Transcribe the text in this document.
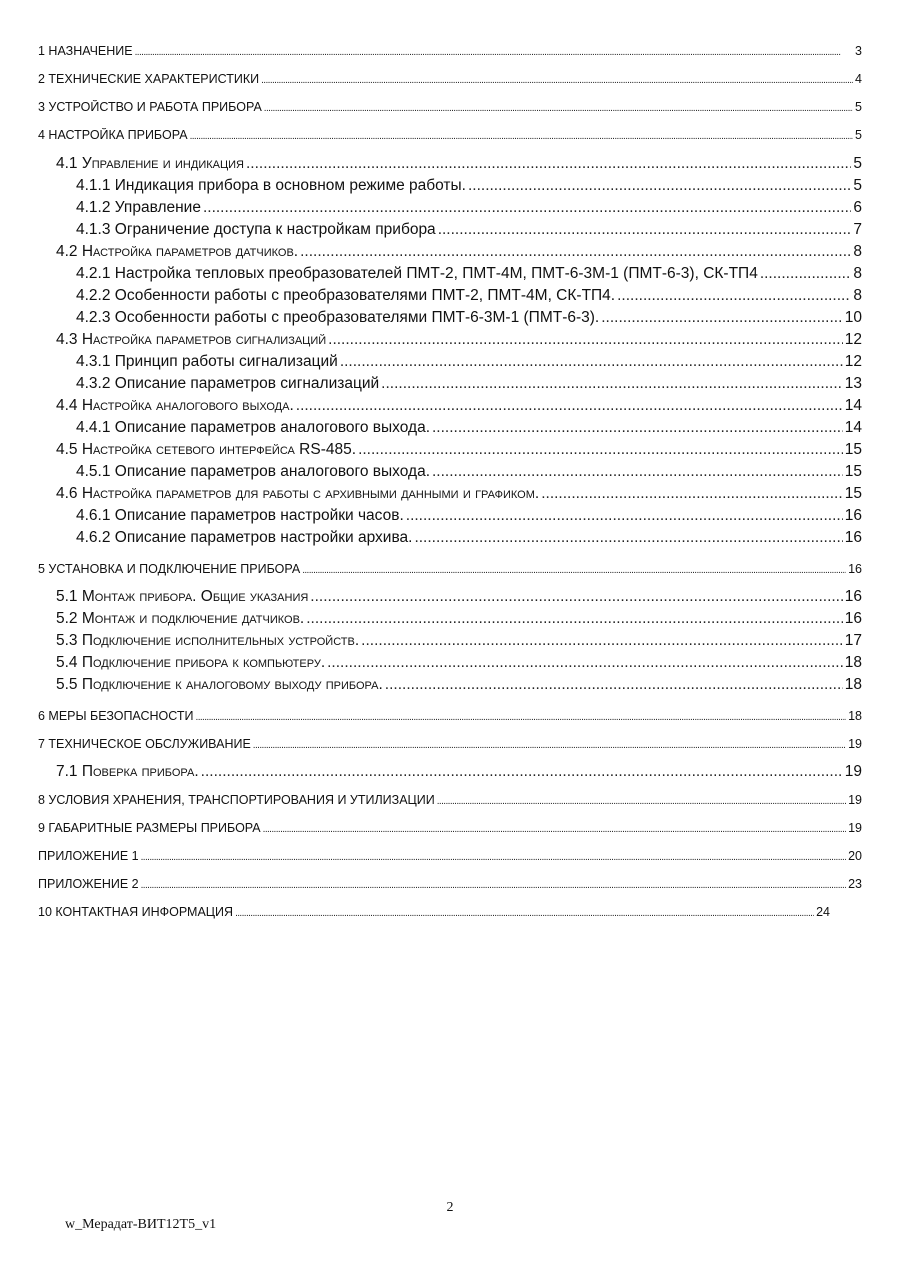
1 НАЗНАЧЕНИЕ .....	3
2 ТЕХНИЧЕСКИЕ ХАРАКТЕРИСТИКИ .....	4
3 УСТРОЙСТВО И РАБОТА ПРИБОРА .....	5
4 НАСТРОЙКА ПРИБОРА .....	5
4.1 Управление и индикация .....	5
4.1.1 Индикация прибора в основном режиме работы. .....	5
4.1.2 Управление .....	6
4.1.3 Ограничение доступа к настройкам прибора .....	7
4.2 Настройка параметров датчиков. .....	8
4.2.1 Настройка тепловых преобразователей ПМТ-2, ПМТ-4М, ПМТ-6-3М-1 (ПМТ-6-3), СК-ТП4 .....	8
4.2.2 Особенности работы с преобразователями ПМТ-2, ПМТ-4М, СК-ТП4. .....	8
4.2.3 Особенности работы с преобразователями ПМТ-6-3М-1 (ПМТ-6-3). .....	10
4.3 Настройка параметров сигнализаций .....	12
4.3.1 Принцип работы сигнализаций .....	12
4.3.2 Описание параметров сигнализаций .....	13
4.4 Настройка аналогового выхода. .....	14
4.4.1 Описание параметров аналогового выхода. .....	14
4.5 Настройка сетевого интерфейса RS-485. .....	15
4.5.1 Описание параметров аналогового выхода. .....	15
4.6 Настройка параметров для работы с архивными данными и графиком. .....	15
4.6.1 Описание параметров настройки часов. .....	16
4.6.2 Описание параметров настройки архива. .....	16
5 УСТАНОВКА И ПОДКЛЮЧЕНИЕ ПРИБОРА .....	16
5.1 Монтаж прибора. Общие указания .....	16
5.2 Монтаж и подключение датчиков. .....	16
5.3 Подключение исполнительных устройств. .....	17
5.4 Подключение прибора к компьютеру. .....	18
5.5 Подключение к аналоговому выходу прибора. .....	18
6 МЕРЫ БЕЗОПАСНОСТИ .....	18
7 ТЕХНИЧЕСКОЕ ОБСЛУЖИВАНИЕ .....	19
7.1 Поверка прибора. .....	19
8 УСЛОВИЯ ХРАНЕНИЯ, ТРАНСПОРТИРОВАНИЯ И УТИЛИЗАЦИИ .....	19
9 ГАБАРИТНЫЕ РАЗМЕРЫ ПРИБОРА .....	19
ПРИЛОЖЕНИЕ 1 .....	20
ПРИЛОЖЕНИЕ 2 .....	23
10 КОНТАКТНАЯ ИНФОРМАЦИЯ .....	24
2
w_Мерадат-ВИТ12Т5_v1
